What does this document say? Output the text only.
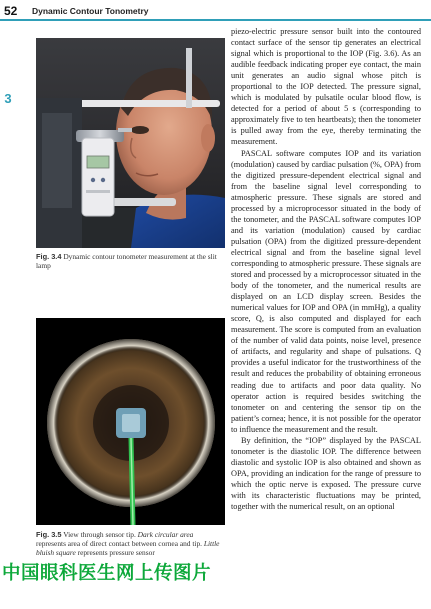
52	Dynamic Contour Tonometry
3
Fig. 3.4 Dynamic contour tonometer measurement at the slit lamp
Fig. 3.5 View through sensor tip. Dark circular area represents area of direct contact between cornea and tip. Little bluish square represents pressure sensor

piezo-electric pressure sensor built into the contoured contact surface of the sensor tip generates an electrical signal which is proportional to the IOP (Fig. 3.6). As an audible feedback indicating proper eye contact, the main unit generates an audio signal whose pitch is proportional to the IOP detected. The pressure signal, which is modulated by pulsatile ocular blood flow, is detected for a period of about 5 s (corresponding to approximately five to ten heartbeats); then the tonometer is pulled away from the eye, thereby terminating the measurement.

PASCAL software computes IOP and its variation (modulation) caused by cardiac pulsation (%, OPA) from the digitized pressure-dependent electrical signal and from the baseline signal level corresponding to atmospheric pressure. These signals are stored and processed by a microprocessor situated in the body of the tonometer, and the PASCAL software computes IOP and its variation (modulation) caused by cardiac pulsation (OPA) from the digitized pressure-dependent electrical signal and from the baseline signal level corresponding to atmospheric pressure. These signals are stored and processed by a microprocessor situated in the body of the tonometer, and the numerical results are displayed on an LCD display screen. Besides the numerical values for IOP and OPA (in mmHg), a quality score, Q, is also computed and displayed for each measurement. The score is computed from an evaluation of the number of valid data points, noise level, presence of artifacts, and regularity and shape of pulsations. Q provides a useful indicator for the trustworthiness of the result and reduces the probability of obtaining erroneous reading due to artifacts and poor data quality. No operator action is required besides switching the tonometer on and centering the sensor tip on the patient’s cornea; hence, it is not possible for the operator to influence the measurement and the result.

By definition, the “IOP” displayed by the PASCAL tonometer is the diastolic IOP. The difference between diastolic and systolic IOP is also obtained and shown as OPA, providing an indication for the range of pressure to which the optic nerve is exposed. The pressure curve with its characteristic fluctuations may be printed, together with the numerical result, on an optional

中国眼科医生网上传图片
